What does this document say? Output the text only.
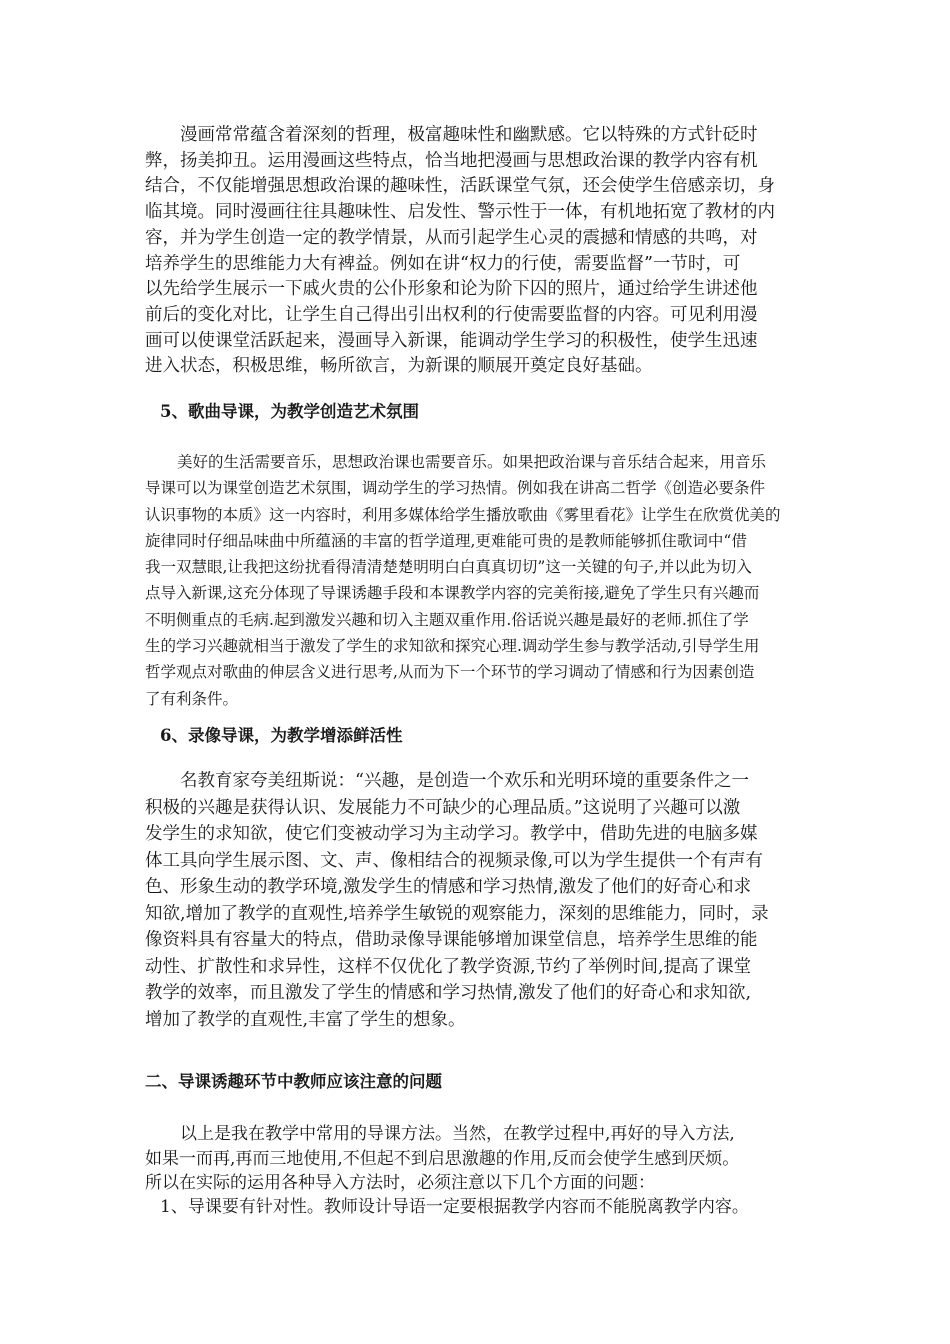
漫画常常蕴含着深刻的哲理，极富趣味性和幽默感。它以特殊的方式针砭时
弊，扬美抑丑。运用漫画这些特点，恰当地把漫画与思想政治课的教学内容有机
结合，不仅能增强思想政治课的趣味性，活跃课堂气氛，还会使学生倍感亲切，身
临其境。同时漫画往往具趣味性、启发性、警示性于一体，有机地拓宽了教材的内
容，并为学生创造一定的教学情景，从而引起学生心灵的震撼和情感的共鸣，对
培养学生的思维能力大有裨益。例如在讲“权力的行使，需要监督”一节时，可
以先给学生展示一下戚火贵的公仆形象和论为阶下囚的照片，通过给学生讲述他
前后的变化对比，让学生自己得出引出权利的行使需要监督的内容。可见利用漫
画可以使课堂活跃起来，漫画导入新课，能调动学生学习的积极性，使学生迅速
进入状态，积极思维，畅所欲言，为新课的顺展开奠定良好基础。
5、歌曲导课，为教学创造艺术氛围
美好的生活需要音乐，思想政治课也需要音乐。如果把政治课与音乐结合起来，用音乐
导课可以为课堂创造艺术氛围，调动学生的学习热情。例如我在讲高二哲学《创造必要条件
认识事物的本质》这一内容时，利用多媒体给学生播放歌曲《雾里看花》让学生在欣赏优美的
旋律同时仔细品味曲中所蕴涵的丰富的哲学道理,更难能可贵的是教师能够抓住歌词中“借
我一双慧眼,让我把这纷扰看得清清楚楚明明白白真真切切”这一关键的句子,并以此为切入
点导入新课,这充分体现了导课诱趣手段和本课教学内容的完美衔接,避免了学生只有兴趣而
不明侧重点的毛病.起到激发兴趣和切入主题双重作用.俗话说兴趣是最好的老师.抓住了学
生的学习兴趣就相当于激发了学生的求知欲和探究心理.调动学生参与教学活动,引导学生用
哲学观点对歌曲的伸层含义进行思考,从而为下一个环节的学习调动了情感和行为因素创造
了有利条件。
6、录像导课，为教学增添鲜活性
名教育家夸美纽斯说：“兴趣，是创造一个欢乐和光明环境的重要条件之一
积极的兴趣是获得认识、发展能力不可缺少的心理品质。”这说明了兴趣可以激
发学生的求知欲，使它们变被动学习为主动学习。教学中，借助先进的电脑多媒
体工具向学生展示图、文、声、像相结合的视频录像,可以为学生提供一个有声有
色、形象生动的教学环境,激发学生的情感和学习热情,激发了他们的好奇心和求
知欲,增加了教学的直观性,培养学生敏锐的观察能力，深刻的思维能力，同时，录
像资料具有容量大的特点，借助录像导课能够增加课堂信息，培养学生思维的能
动性、扩散性和求异性，这样不仅优化了教学资源,节约了举例时间,提高了课堂
教学的效率，而且激发了学生的情感和学习热情,激发了他们的好奇心和求知欲,
增加了教学的直观性,丰富了学生的想象。
二、导课诱趣环节中教师应该注意的问题
以上是我在教学中常用的导课方法。当然，在教学过程中,再好的导入方法,
如果一而再,再而三地使用,不但起不到启思激趣的作用,反而会使学生感到厌烦。
所以在实际的运用各种导入方法时，必须注意以下几个方面的问题：
1、导课要有针对性。教师设计导语一定要根据教学内容而不能脱离教学内容。
